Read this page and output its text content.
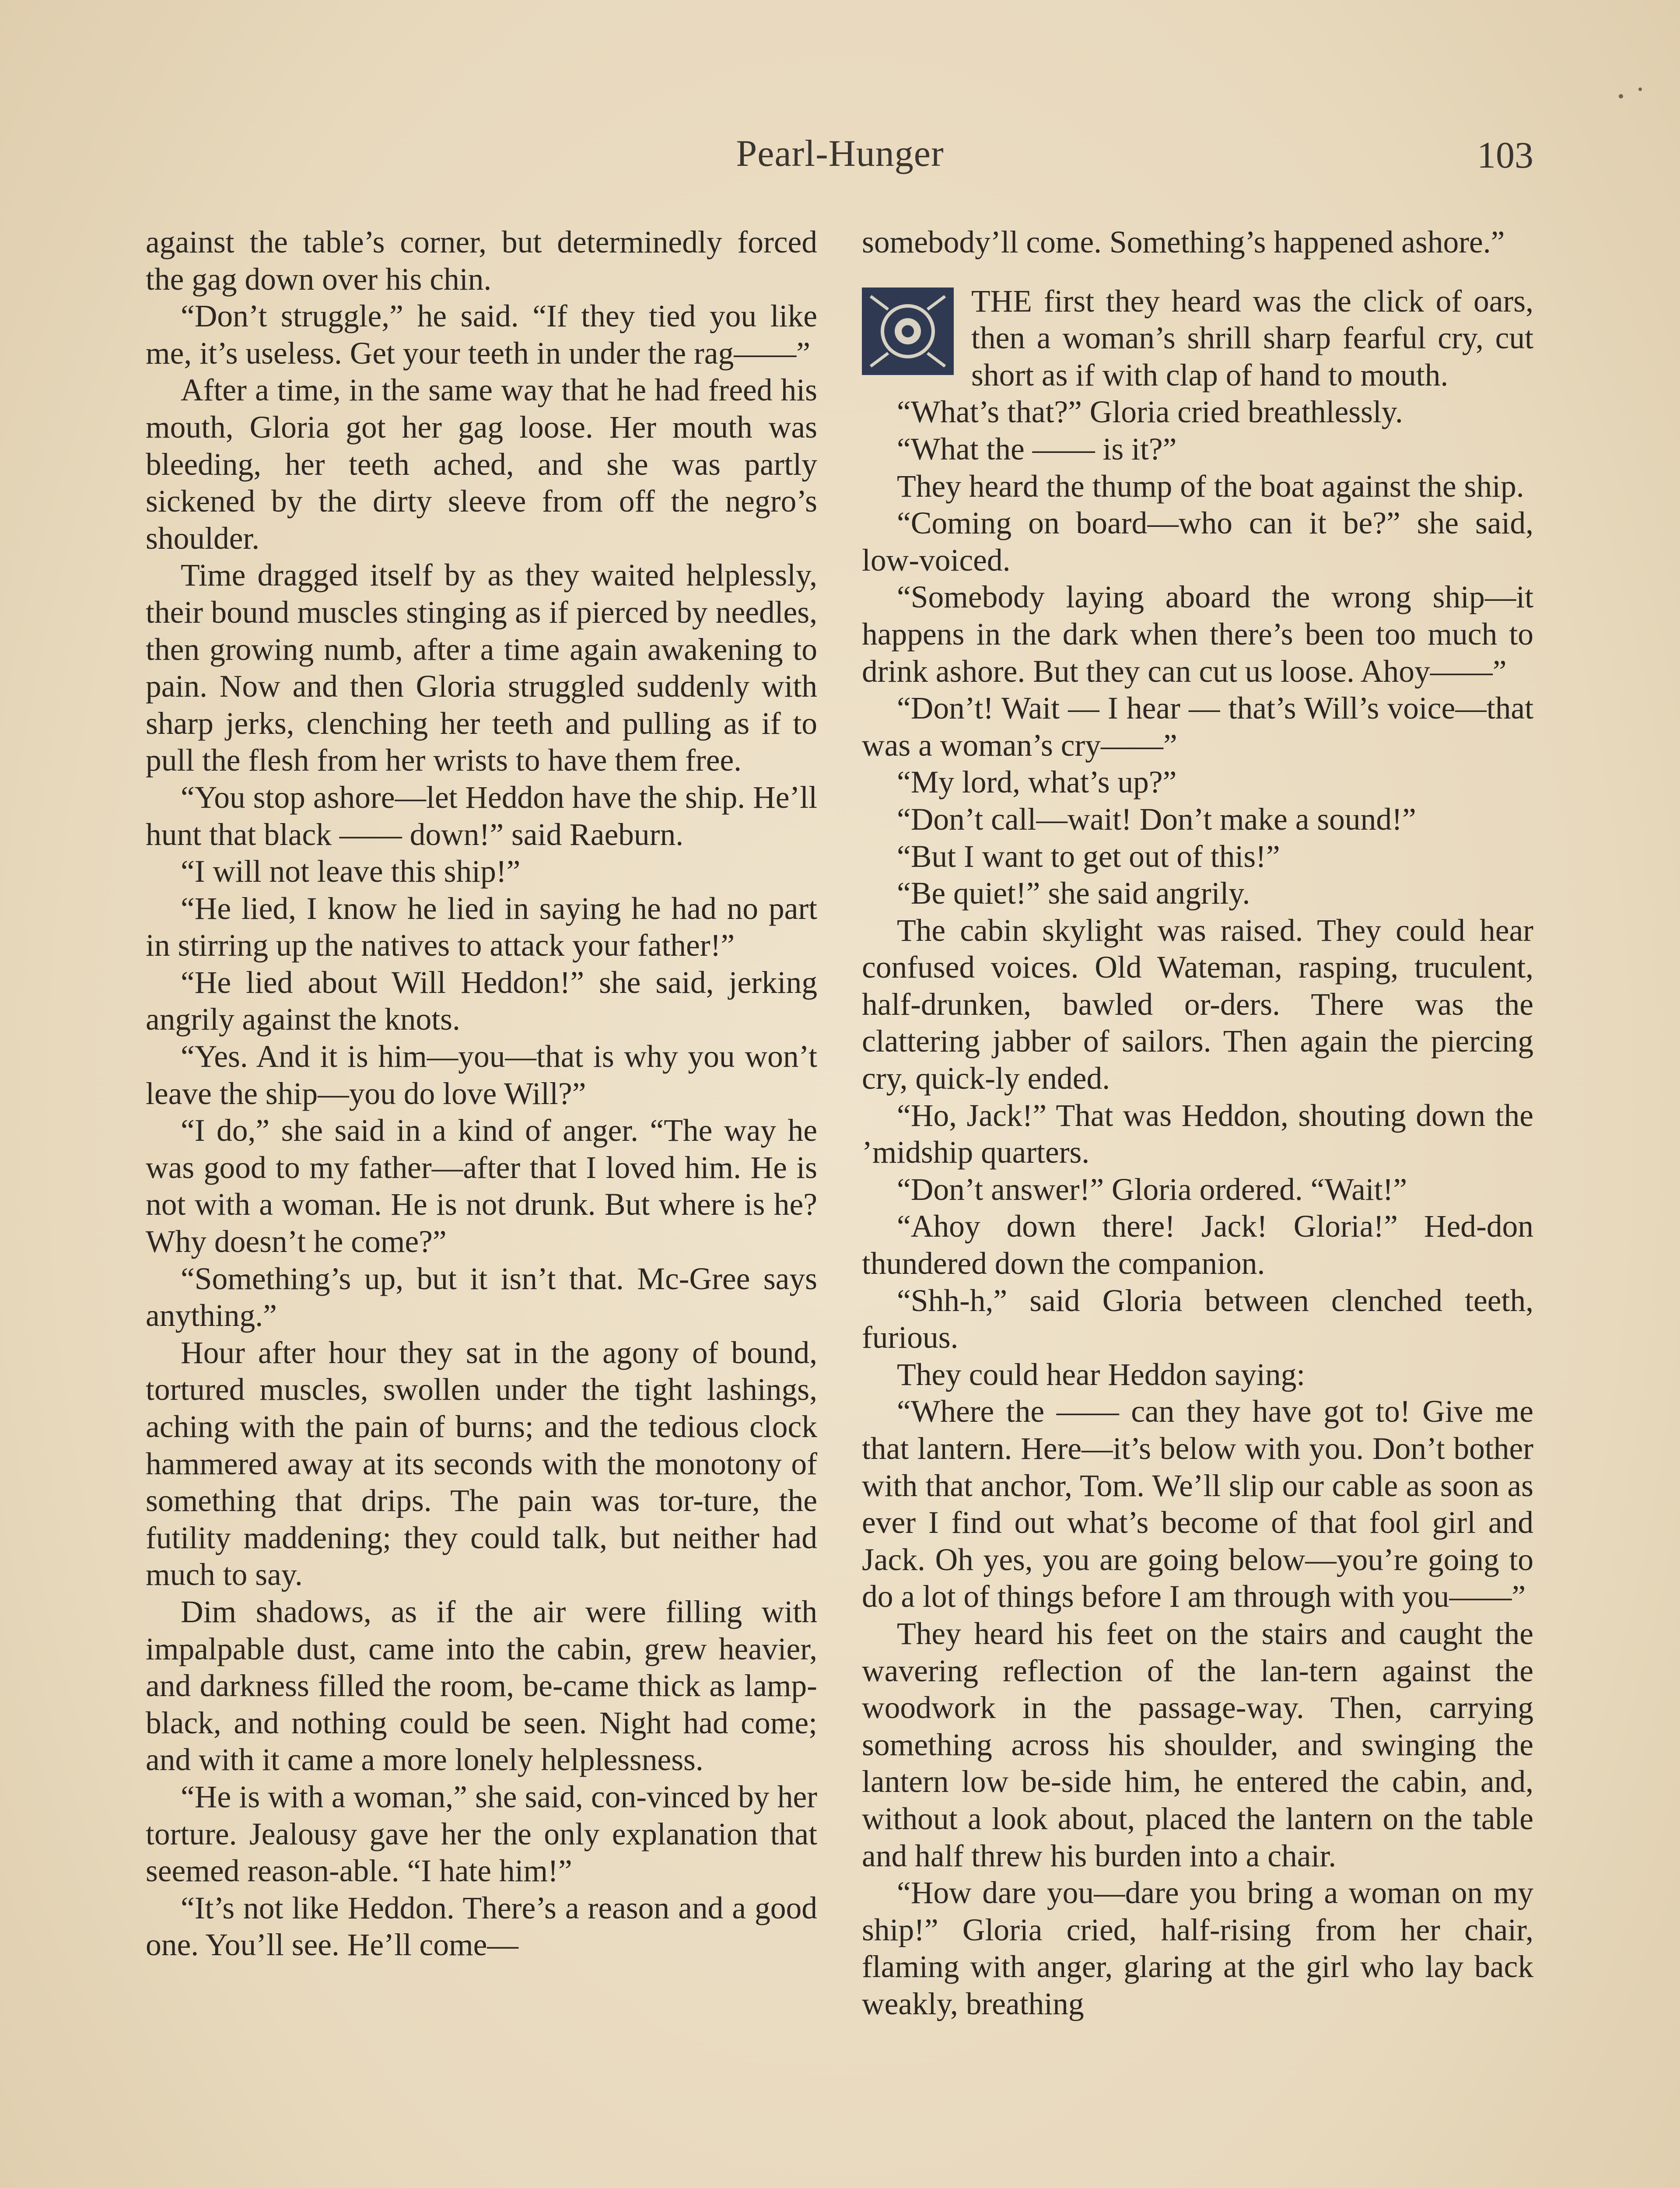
Pearl-Hunger	103

against the table’s corner, but determinedly forced the gag down over his chin.

“Don’t struggle,” he said. “If they tied you like me, it’s useless. Get your teeth in under the rag——”

After a time, in the same way that he had freed his mouth, Gloria got her gag loose. Her mouth was bleeding, her teeth ached, and she was partly sickened by the dirty sleeve from off the negro’s shoulder.

Time dragged itself by as they waited helplessly, their bound muscles stinging as if pierced by needles, then growing numb, after a time again awakening to pain. Now and then Gloria struggled suddenly with sharp jerks, clenching her teeth and pulling as if to pull the flesh from her wrists to have them free.

“You stop ashore—let Heddon have the ship. He’ll hunt that black —— down!” said Raeburn.

“I will not leave this ship!”

“He lied, I know he lied in saying he had no part in stirring up the natives to attack your father!”

“He lied about Will Heddon!” she said, jerking angrily against the knots.

“Yes. And it is him—you—that is why you won’t leave the ship—you do love Will?”

“I do,” she said in a kind of anger. “The way he was good to my father—after that I loved him. He is not with a woman. He is not drunk. But where is he? Why doesn’t he come?”

“Something’s up, but it isn’t that. Mc-Gree says anything.”

Hour after hour they sat in the agony of bound, tortured muscles, swollen under the tight lashings, aching with the pain of burns; and the tedious clock hammered away at its seconds with the monotony of something that drips. The pain was tor-ture, the futility maddening; they could talk, but neither had much to say.

Dim shadows, as if the air were filling with impalpable dust, came into the cabin, grew heavier, and darkness filled the room, be-came thick as lamp-black, and nothing could be seen. Night had come; and with it came a more lonely helplessness.

“He is with a woman,” she said, con-vinced by her torture. Jealousy gave her the only explanation that seemed reason-able. “I hate him!”

“It’s not like Heddon. There’s a reason and a good one. You’ll see. He’ll come—

somebody’ll come. Something’s happened ashore.”

THE first they heard was the click of oars, then a woman’s shrill sharp fearful cry, cut short as if with clap of hand to mouth.

“What’s that?” Gloria cried breathlessly.

“What the —— is it?”

They heard the thump of the boat against the ship.

“Coming on board—who can it be?” she said, low-voiced.

“Somebody laying aboard the wrong ship—it happens in the dark when there’s been too much to drink ashore. But they can cut us loose. Ahoy——”

“Don’t! Wait — I hear — that’s Will’s voice—that was a woman’s cry——”

“My lord, what’s up?”

“Don’t call—wait! Don’t make a sound!”

“But I want to get out of this!”

“Be quiet!” she said angrily.

The cabin skylight was raised. They could hear confused voices. Old Wateman, rasping, truculent, half-drunken, bawled or-ders. There was the clattering jabber of sailors. Then again the piercing cry, quick-ly ended.

“Ho, Jack!” That was Heddon, shouting down the ’midship quarters.

“Don’t answer!” Gloria ordered. “Wait!”

“Ahoy down there! Jack! Gloria!” Hed-don thundered down the companion.

“Shh-h,” said Gloria between clenched teeth, furious.

They could hear Heddon saying:

“Where the —— can they have got to! Give me that lantern. Here—it’s below with you. Don’t bother with that anchor, Tom. We’ll slip our cable as soon as ever I find out what’s become of that fool girl and Jack. Oh yes, you are going below—you’re going to do a lot of things before I am through with you——”

They heard his feet on the stairs and caught the wavering reflection of the lan-tern against the woodwork in the passage-way. Then, carrying something across his shoulder, and swinging the lantern low be-side him, he entered the cabin, and, without a look about, placed the lantern on the table and half threw his burden into a chair.

“How dare you—dare you bring a woman on my ship!” Gloria cried, half-rising from her chair, flaming with anger, glaring at the girl who lay back weakly, breathing
